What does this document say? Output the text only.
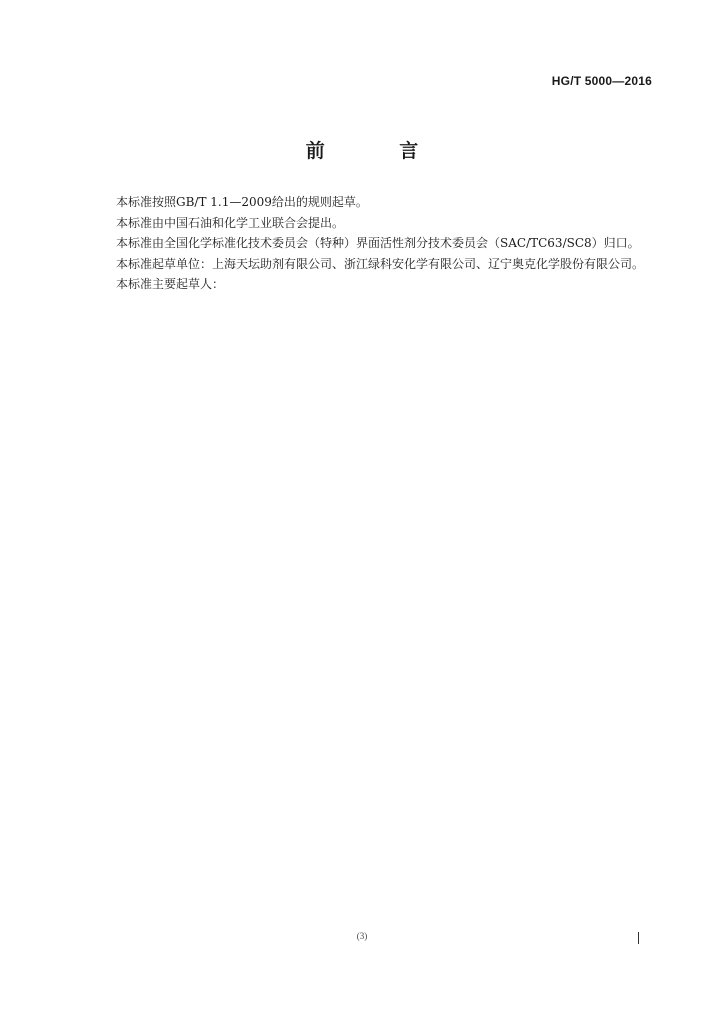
HG/T 5000—2016
前 言

本标准按照GB/T 1.1—2009给出的规则起草。

本标准由中国石油和化学工业联合会提出。

本标准由全国化学标准化技术委员会（特种）界面活性剂分技术委员会（SAC/TC63/SC8）归口。

本标准起草单位：上海天坛助剂有限公司、浙江绿科安化学有限公司、辽宁奥克化学股份有限公司。

本标准主要起草人：

(3)
